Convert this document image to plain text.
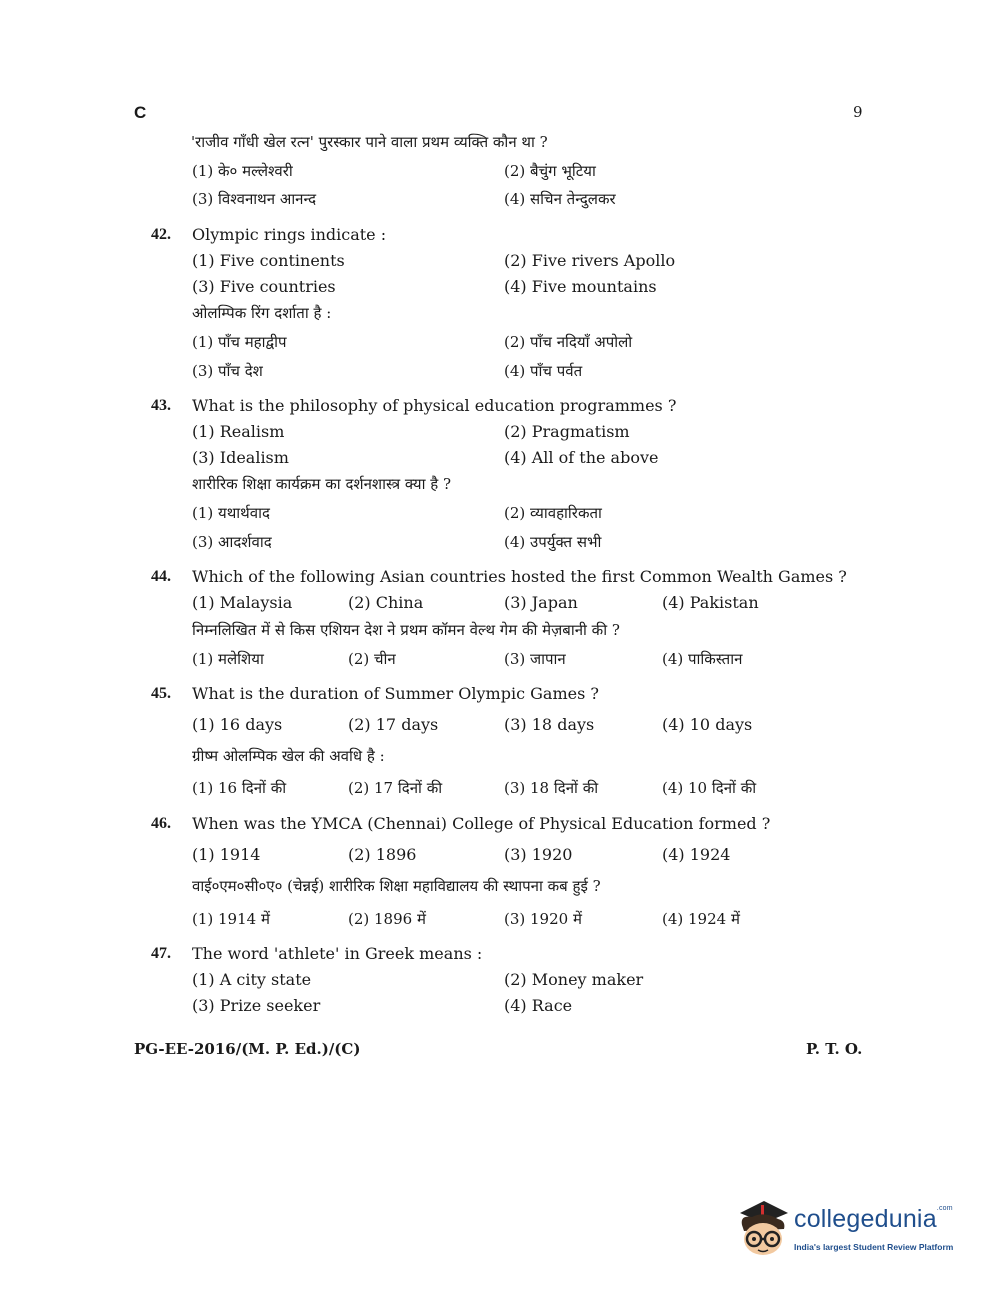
C	9
'राजीव गाँधी खेल रत्न' पुरस्कार पाने वाला प्रथम व्यक्ति कौन था ?
(1) के० मल्लेश्वरी	(2) बैचुंग भूटिया
(3) विश्वनाथन आनन्द	(4) सचिन तेन्दुलकर
42. Olympic rings indicate :
(1) Five continents	(2) Five rivers Apollo
(3) Five countries	(4) Five mountains
ओलम्पिक रिंग दर्शाता है :
(1) पाँच महाद्वीप	(2) पाँच नदियाँ अपोलो
(3) पाँच देश	(4) पाँच पर्वत
43. What is the philosophy of physical education programmes ?
(1) Realism	(2) Pragmatism
(3) Idealism	(4) All of the above
शारीरिक शिक्षा कार्यक्रम का दर्शनशास्त्र क्या है ?
(1) यथार्थवाद	(2) व्यावहारिकता
(3) आदर्शवाद	(4) उपर्युक्त सभी
44. Which of the following Asian countries hosted the first Common Wealth Games ?
(1) Malaysia	(2) China	(3) Japan	(4) Pakistan
निम्नलिखित में से किस एशियन देश ने प्रथम कॉमन वेल्थ गेम की मेज़बानी की ?
(1) मलेशिया	(2) चीन	(3) जापान	(4) पाकिस्तान
45. What is the duration of Summer Olympic Games ?
(1) 16 days	(2) 17 days	(3) 18 days	(4) 10 days
ग्रीष्म ओलम्पिक खेल की अवधि है :
(1) 16 दिनों की	(2) 17 दिनों की	(3) 18 दिनों की	(4) 10 दिनों की
46. When was the YMCA (Chennai) College of Physical Education formed ?
(1) 1914	(2) 1896	(3) 1920	(4) 1924
वाई०एम०सी०ए० (चेन्नई) शारीरिक शिक्षा महाविद्यालय की स्थापना कब हुई ?
(1) 1914 में	(2) 1896 में	(3) 1920 में	(4) 1924 में
47. The word 'athlete' in Greek means :
(1) A city state	(2) Money maker
(3) Prize seeker	(4) Race
PG-EE-2016/(M. P. Ed.)/(C)	P. T. O.
collegedunia$^{.com}$
India's largest Student Review Platform
